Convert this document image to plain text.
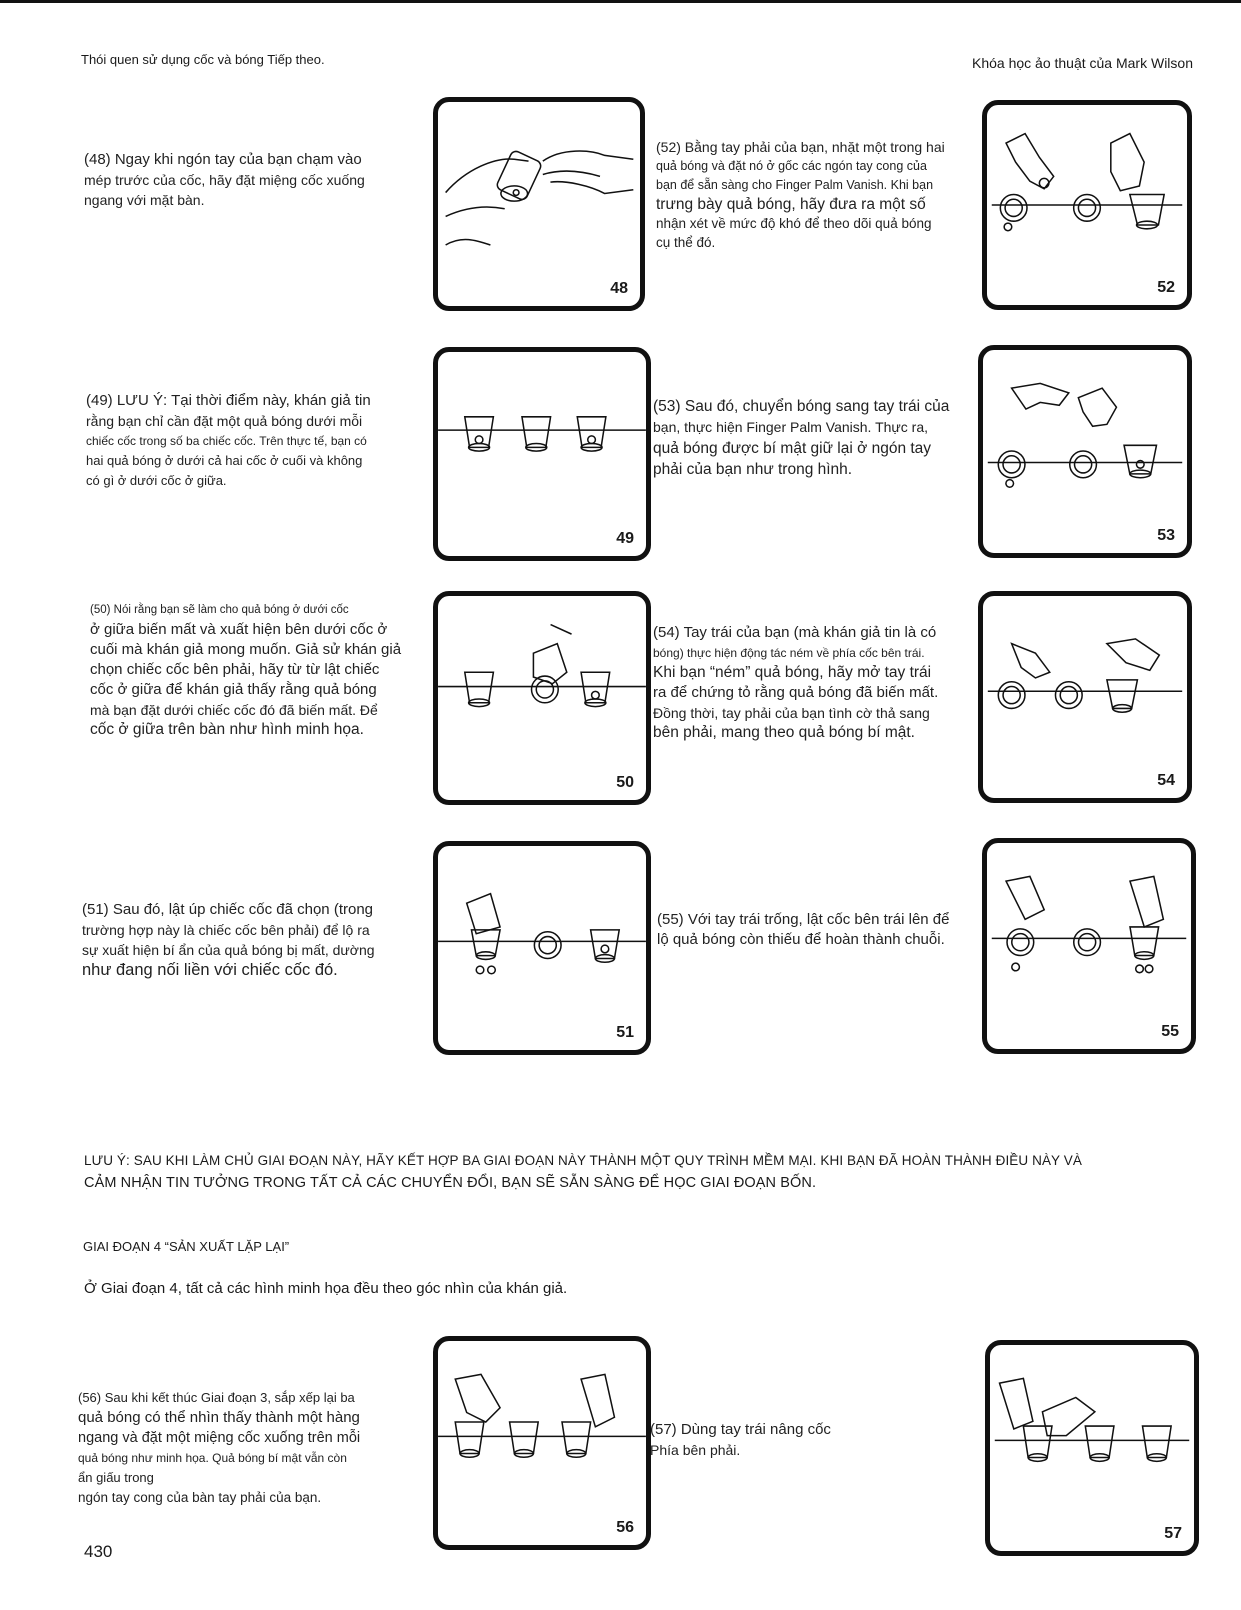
Thói quen sử dụng cốc và bóng Tiếp theo.	Khóa học ảo thuật của Mark Wilson
(48) Ngay khi ngón tay của bạn chạm vào
mép trước của cốc, hãy đặt miệng cốc xuống
ngang với mặt bàn.
48
(52) Bằng tay phải của bạn, nhặt một trong hai
quả bóng và đặt nó ở gốc các ngón tay cong của
bạn để sẵn sàng cho Finger Palm Vanish. Khi bạn
trưng bày quả bóng, hãy đưa ra một số
nhận xét về mức độ khó để theo dõi quả bóng
cụ thể đó.
52
(49) LƯU Ý: Tại thời điểm này, khán giả tin
rằng bạn chỉ cần đặt một quả bóng dưới mỗi
chiếc cốc trong số ba chiếc cốc. Trên thực tế, bạn có
hai quả bóng ở dưới cả hai cốc ở cuối và không
có gì ở dưới cốc ở giữa.
49
(53) Sau đó, chuyển bóng sang tay trái của
bạn, thực hiện Finger Palm Vanish. Thực ra,
quả bóng được bí mật giữ lại ở ngón tay
phải của bạn như trong hình.
53
(50) Nói rằng bạn sẽ làm cho quả bóng ở dưới cốc
ở giữa biến mất và xuất hiện bên dưới cốc ở
cuối mà khán giả mong muốn. Giả sử khán giả
chọn chiếc cốc bên phải, hãy từ từ lật chiếc
cốc ở giữa để khán giả thấy rằng quả bóng
mà bạn đặt dưới chiếc cốc đó đã biến mất. Để
cốc ở giữa trên bàn như hình minh họa.
50
(54) Tay trái của bạn (mà khán giả tin là có
bóng) thực hiện động tác ném về phía cốc bên trái.
Khi bạn “ném” quả bóng, hãy mở tay trái
ra để chứng tỏ rằng quả bóng đã biến mất.
Đồng thời, tay phải của bạn tình cờ thả sang
bên phải, mang theo quả bóng bí mật.
54
(51) Sau đó, lật úp chiếc cốc đã chọn (trong
trường hợp này là chiếc cốc bên phải) để lộ ra
sự xuất hiện bí ẩn của quả bóng bị mất, dường
như đang nối liền với chiếc cốc đó.
51
(55) Với tay trái trống, lật cốc bên trái lên để
lộ quả bóng còn thiếu để hoàn thành chuỗi.
55
LƯU Ý: SAU KHI LÀM CHỦ GIAI ĐOẠN NÀY, HÃY KẾT HỢP BA GIAI ĐOẠN NÀY THÀNH MỘT QUY TRÌNH MỀM MẠI. KHI BẠN ĐÃ HOÀN THÀNH ĐIỀU NÀY VÀ
CẢM NHẬN TIN TƯỞNG TRONG TẤT CẢ CÁC CHUYỂN ĐỔI, BẠN SẼ SẴN SÀNG ĐỂ HỌC GIAI ĐOẠN BỐN.
GIAI ĐOẠN 4 “SẢN XUẤT LẶP LẠI”
Ở Giai đoạn 4, tất cả các hình minh họa đều theo góc nhìn của khán giả.
(56) Sau khi kết thúc Giai đoạn 3, sắp xếp lại ba
quả bóng có thể nhìn thấy thành một hàng
ngang và đặt một miệng cốc xuống trên mỗi
quả bóng như minh họa. Quả bóng bí mật vẫn còn
ẩn giấu trong
ngón tay cong của bàn tay phải của bạn.
56
(57) Dùng tay trái nâng cốc
Phía bên phải.
57
430
